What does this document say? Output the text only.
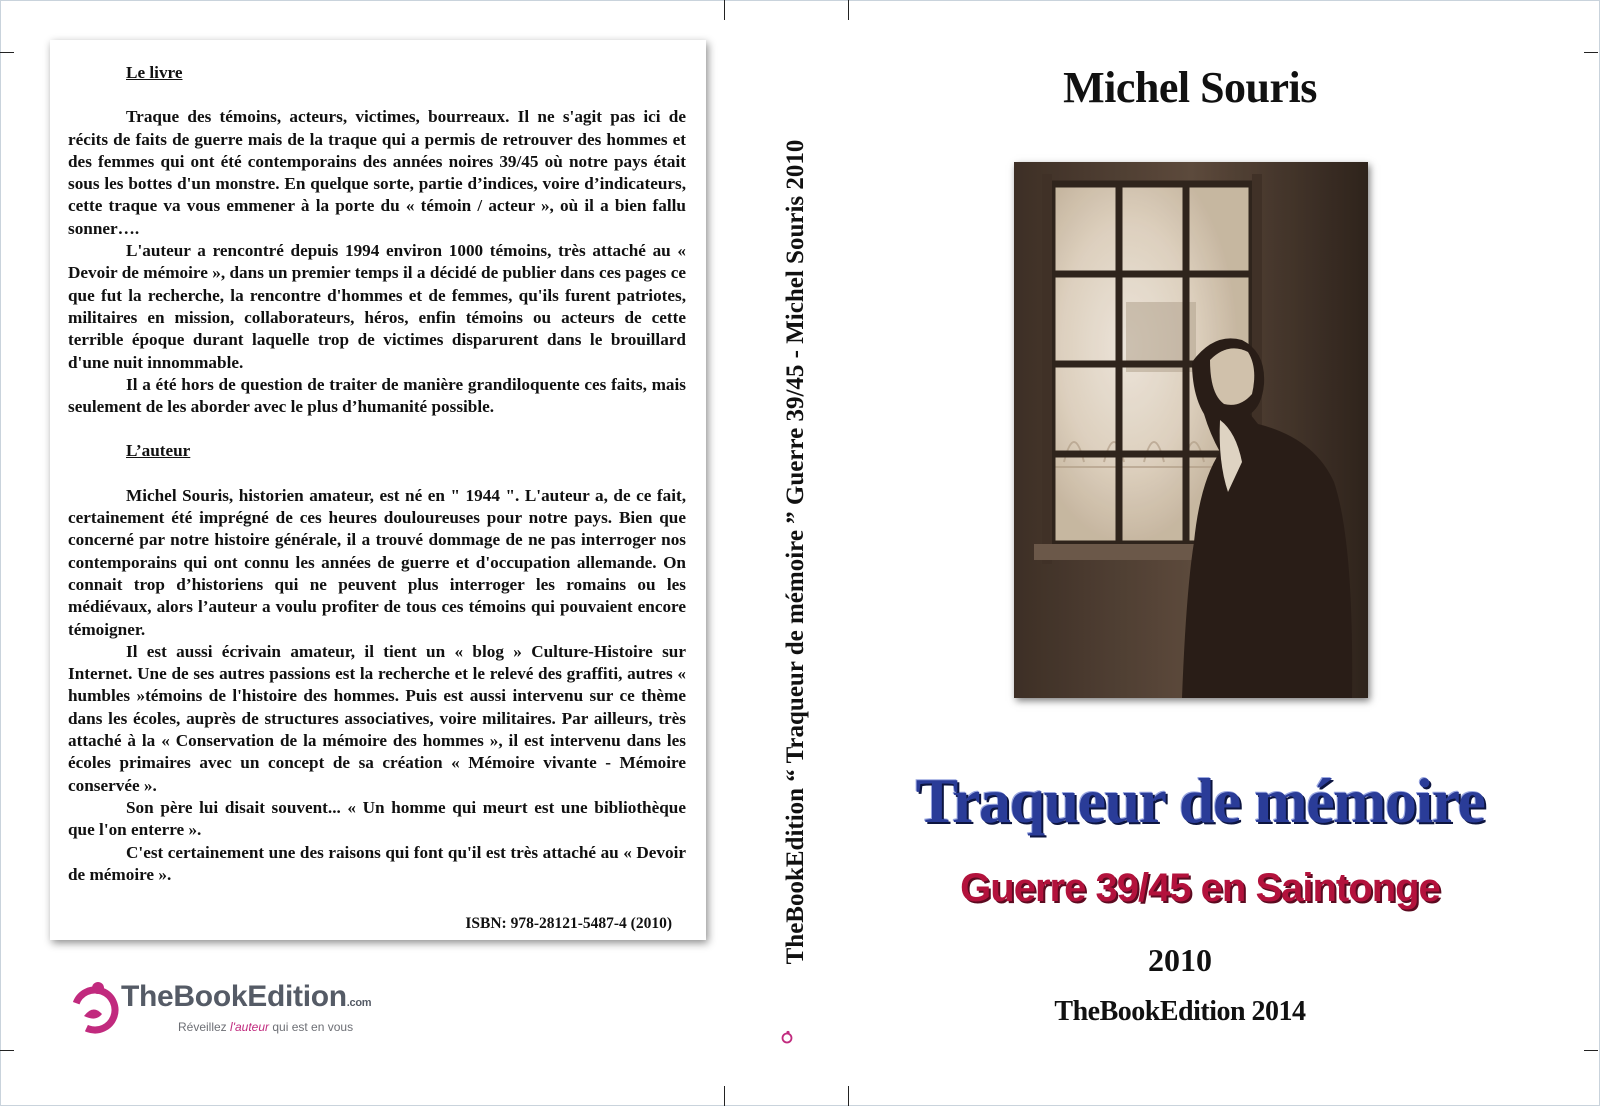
Le livre

Traque des témoins, acteurs, victimes, bourreaux. Il ne s'agit pas ici de récits de faits de guerre mais de la traque qui a permis de retrouver des hommes et des femmes qui ont été contemporains des années noires 39/45 où notre pays était sous les bottes d'un monstre. En quelque sorte, partie d’indices, voire d’indicateurs, cette traque va vous emmener à la porte du « témoin / acteur », où il a bien fallu sonner….

L'auteur a rencontré depuis 1994 environ 1000 témoins, très attaché au « Devoir de mémoire », dans un premier temps il a décidé de publier dans ces pages ce que fut la recherche, la rencontre d'hommes et de femmes, qu'ils furent patriotes, militaires en mission, collaborateurs, héros, enfin témoins ou acteurs de cette terrible époque durant laquelle trop de victimes disparurent dans le brouillard d'une nuit innommable.

Il a été hors de question de traiter de manière grandiloquente ces faits, mais seulement de les aborder avec le plus d’humanité possible.

L’auteur

Michel Souris, historien amateur, est né en " 1944 ". L'auteur a, de ce fait, certainement été imprégné de ces heures douloureuses pour notre pays. Bien que concerné par notre histoire générale, il a trouvé dommage de ne pas interroger nos contemporains qui ont connu les années de guerre et d'occupation allemande. On connait trop d’historiens qui ne peuvent plus interroger les romains ou les médiévaux, alors l’auteur a voulu profiter de tous ces témoins qui pouvaient encore témoigner.

Il est aussi écrivain amateur, il tient un « blog » Culture-Histoire sur Internet. Une de ses autres passions est la recherche et le relevé des graffiti, autres « humbles »témoins de l'histoire des hommes. Puis est aussi intervenu sur ce thème dans les écoles, auprès de structures associatives, voire militaires. Par ailleurs, très attaché à la « Conservation de la mémoire des hommes », il est intervenu dans les écoles primaires avec un concept de sa création « Mémoire vivante - Mémoire conservée ».

Son père lui disait souvent... « Un homme qui meurt est une bibliothèque que l'on enterre ».

C'est certainement une des raisons qui font qu'il est très attaché au « Devoir de mémoire ».

ISBN: 978-28121-5487-4 (2010)
TheBookEdition.com
Réveillez l'auteur qui est en vous
TheBookEdition “ Traqueur de mémoire ” Guerre 39/45 - Michel Souris 2010
Michel Souris
Traqueur de mémoire
Guerre 39/45 en Saintonge
2010
TheBookEdition 2014
